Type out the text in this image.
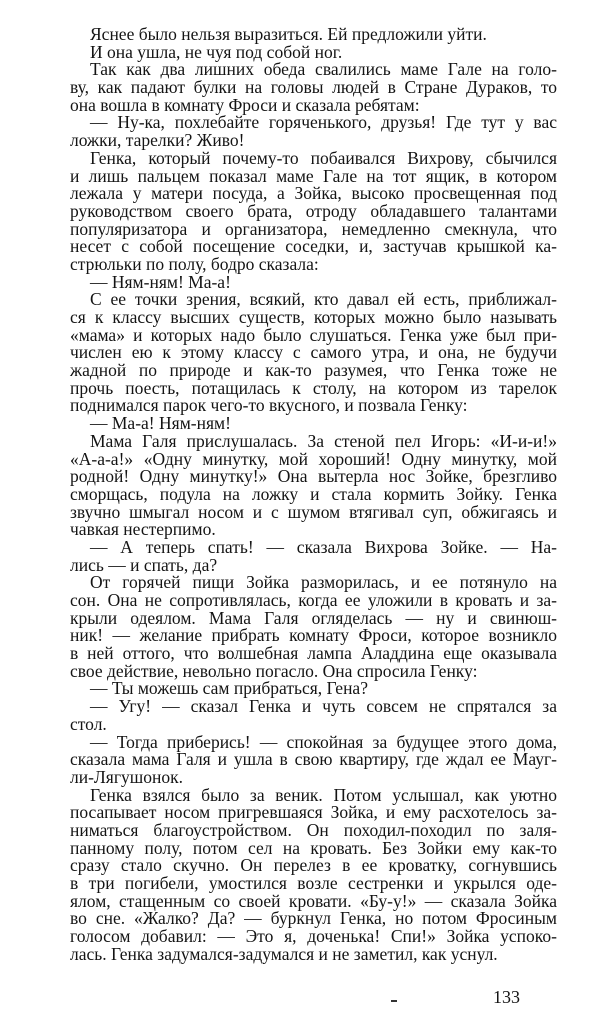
Яснее было нельзя выразиться. Ей предложили уйти.
И она ушла, не чуя под собой ног.
Так как два лишних обеда свалились маме Гале на голо-
ву, как падают булки на головы людей в Стране Дураков, то
она вошла в комнату Фроси и сказала ребятам:
— Ну-ка, похлебайте горяченького, друзья! Где тут у вас
ложки, тарелки? Живо!
Генка, который почему-то побаивался Вихрову, сбычился
и лишь пальцем показал маме Гале на тот ящик, в котором
лежала у матери посуда, а Зойка, высоко просвещенная под
руководством своего брата, отроду обладавшего талантами
популяризатора и организатора, немедленно смекнула, что
несет с собой посещение соседки, и, застучав крышкой ка-
стрюльки по полу, бодро сказала:
— Ням-ням! Ма-а!
С ее точки зрения, всякий, кто давал ей есть, приближал-
ся к классу высших существ, которых можно было называть
«мама» и которых надо было слушаться. Генка уже был при-
числен ею к этому классу с самого утра, и она, не будучи
жадной по природе и как-то разумея, что Генка тоже не
прочь поесть, потащилась к столу, на котором из тарелок
поднимался парок чего-то вкусного, и позвала Генку:
— Ма-а! Ням-ням!
Мама Галя прислушалась. За стеной пел Игорь: «И-и-и!»
«А-а-а!» «Одну минутку, мой хороший! Одну минутку, мой
родной! Одну минутку!» Она вытерла нос Зойке, брезгливо
сморщась, подула на ложку и стала кормить Зойку. Генка
звучно шмыгал носом и с шумом втягивал суп, обжигаясь и
чавкая нестерпимо.
— А теперь спать! — сказала Вихрова Зойке. — На-
лись — и спать, да?
От горячей пищи Зойка разморилась, и ее потянуло на
сон. Она не сопротивлялась, когда ее уложили в кровать и за-
крыли одеялом. Мама Галя огляделась — ну и свинюш-
ник! — желание прибрать комнату Фроси, которое возникло
в ней оттого, что волшебная лампа Аладдина еще оказывала
свое действие, невольно погасло. Она спросила Генку:
— Ты можешь сам прибраться, Гена?
— Угу! — сказал Генка и чуть совсем не спрятался за
стол.
— Тогда приберись! — спокойная за будущее этого дома,
сказала мама Галя и ушла в свою квартиру, где ждал ее Мауг-
ли-Лягушонок.
Генка взялся было за веник. Потом услышал, как уютно
посапывает носом пригревшаяся Зойка, и ему расхотелось за-
ниматься благоустройством. Он походил-походил по заля-
панному полу, потом сел на кровать. Без Зойки ему как-то
сразу стало скучно. Он перелез в ее кроватку, согнувшись
в три погибели, умостился возле сестренки и укрылся оде-
ялом, стащенным со своей кровати. «Бу-у!» — сказала Зойка
во сне. «Жалко? Да? — буркнул Генка, но потом Фросиным
голосом добавил: — Это я, доченька! Спи!» Зойка успоко-
лась. Генка задумался-задумался и не заметил, как уснул.
133
